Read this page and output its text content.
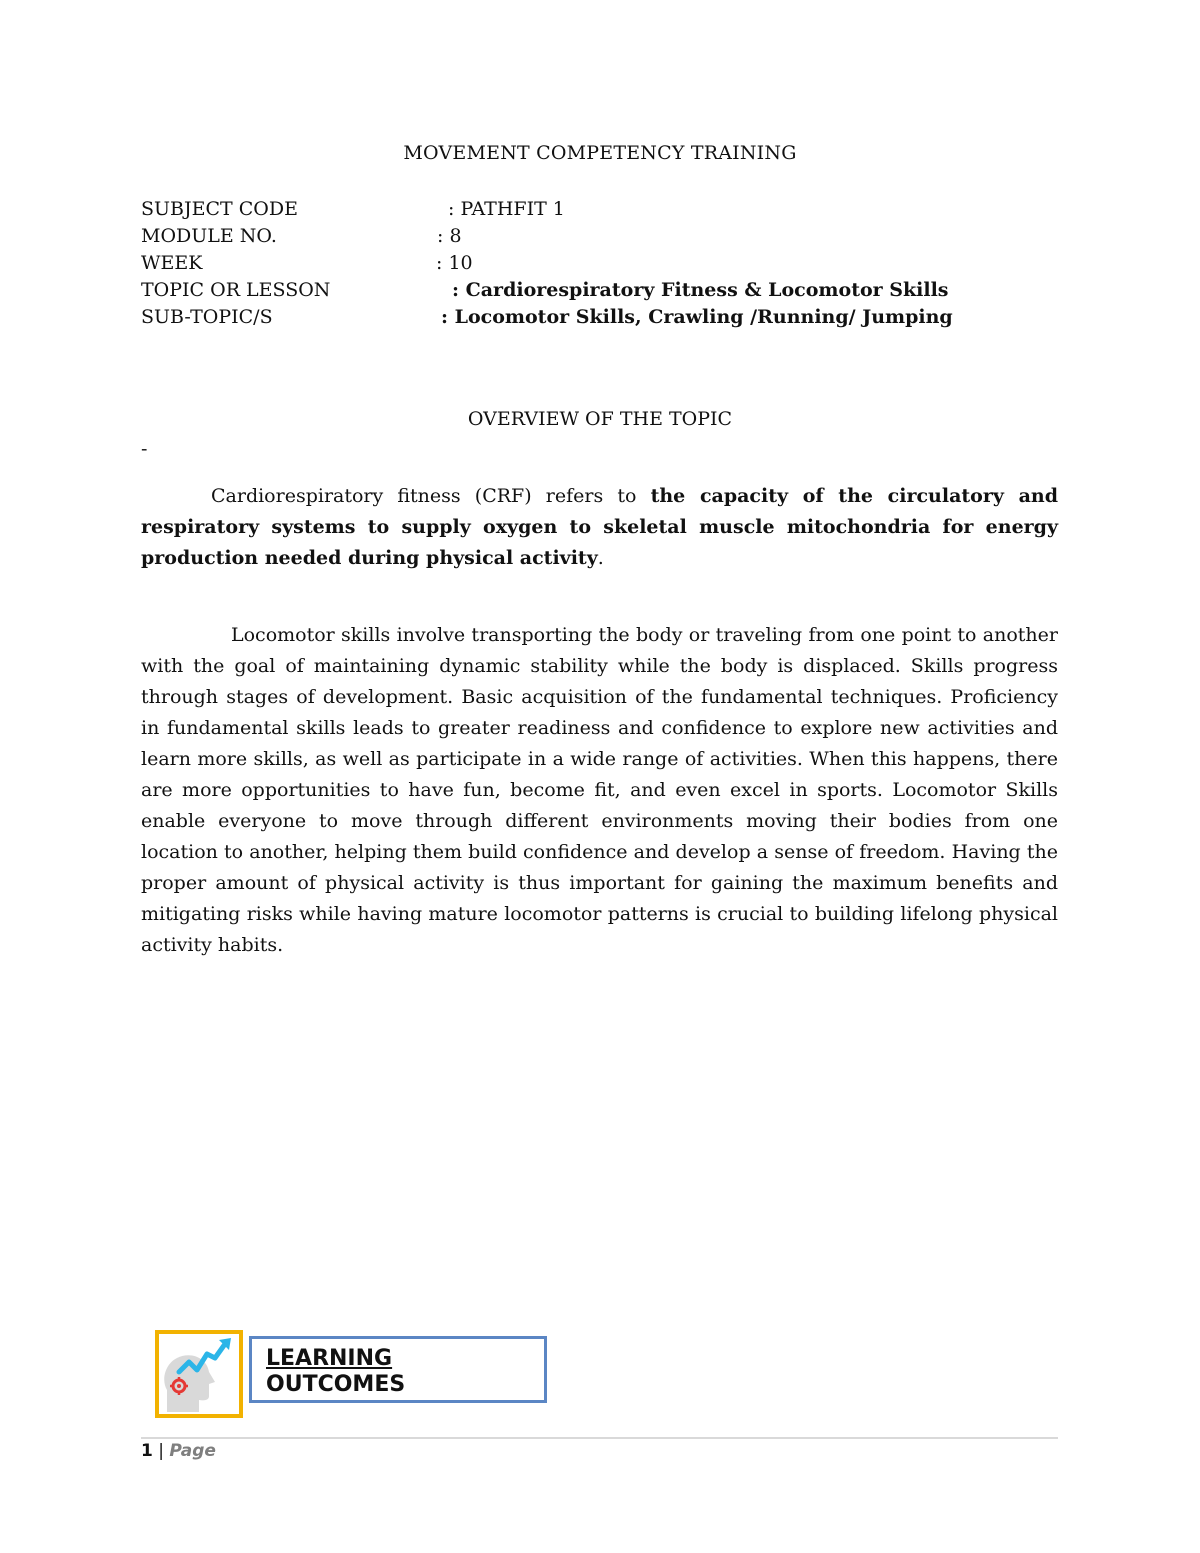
MOVEMENT COMPETENCY TRAINING
SUBJECT CODE	: PATHFIT 1
MODULE NO.	: 8
WEEK	: 10
TOPIC OR LESSON	: Cardiorespiratory Fitness & Locomotor Skills
SUB-TOPIC/S	: Locomotor Skills, Crawling /Running/ Jumping
OVERVIEW OF THE TOPIC
-

Cardiorespiratory fitness (CRF) refers to the capacity of the circulatory and respiratory systems to supply oxygen to skeletal muscle mitochondria for energy production needed during physical activity.

Locomotor skills involve transporting the body or traveling from one point to another with the goal of maintaining dynamic stability while the body is displaced. Skills progress through stages of development. Basic acquisition of the fundamental techniques. Proficiency in fundamental skills leads to greater readiness and confidence to explore new activities and learn more skills, as well as participate in a wide range of activities. When this happens, there are more opportunities to have fun, become fit, and even excel in sports. Locomotor Skills enable everyone to move through different environments moving their bodies from one location to another, helping them build confidence and develop a sense of freedom. Having the proper amount of physical activity is thus important for gaining the maximum benefits and mitigating risks while having mature locomotor patterns is crucial to building lifelong physical activity habits.

LEARNING
OUTCOMES
1 | Page
